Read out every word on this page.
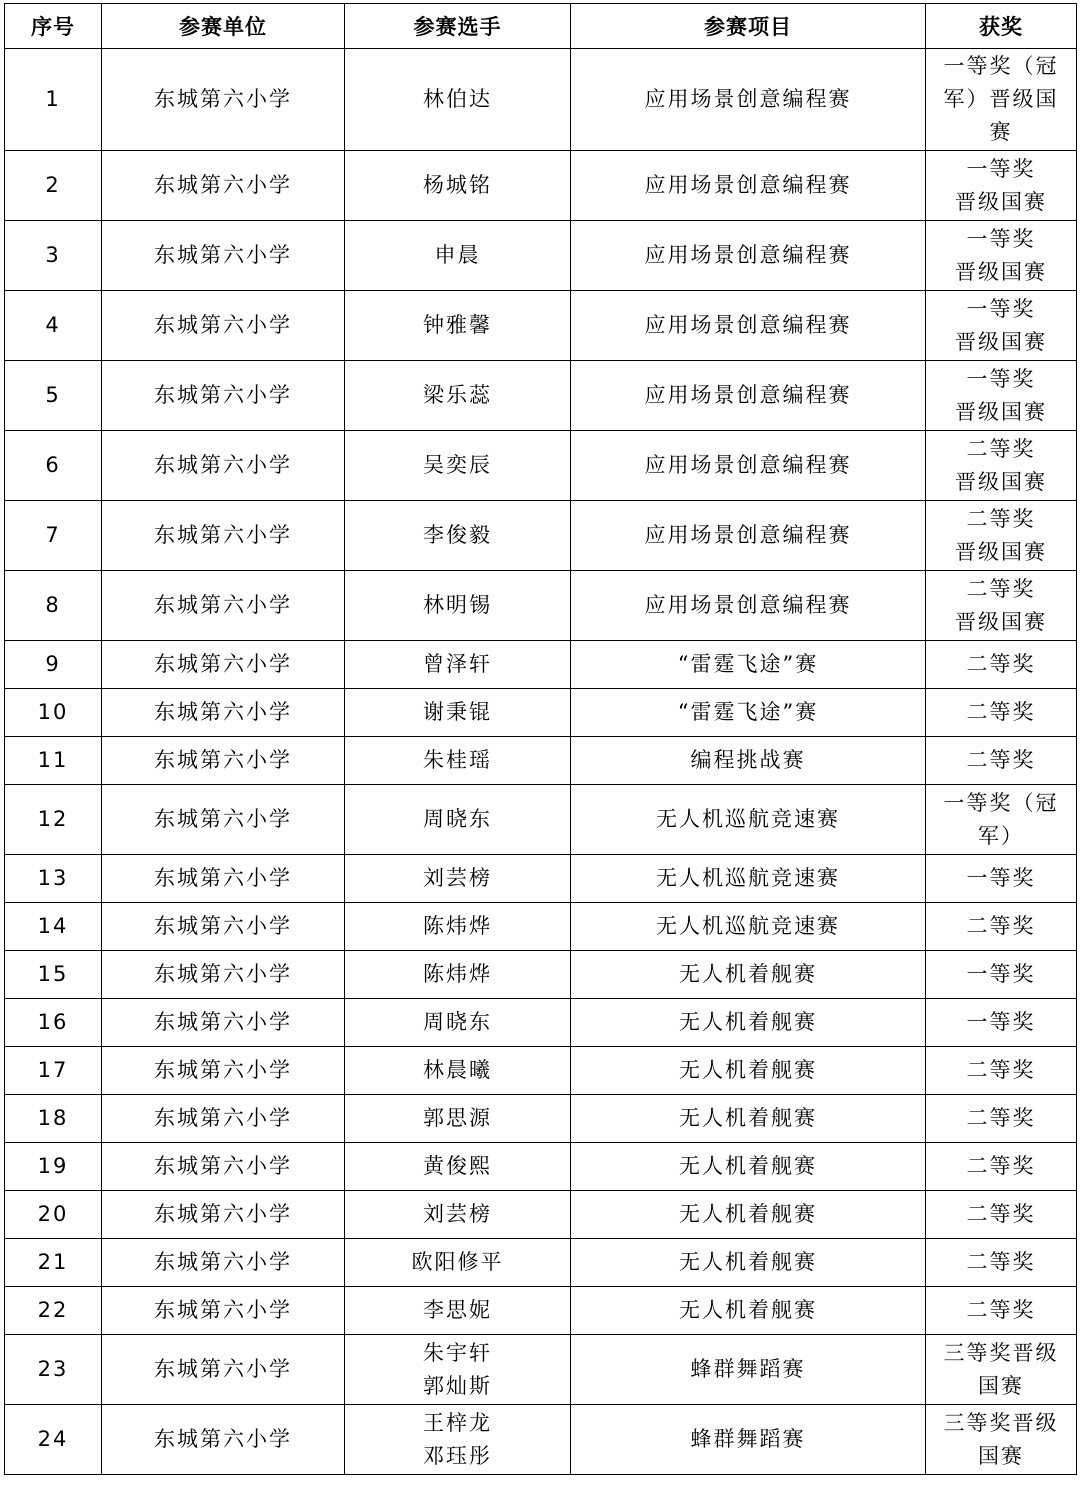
序号	参赛单位	参赛选手	参赛项目	获奖
1	东城第六小学	林伯达	应用场景创意编程赛	一等奖（冠
军）晋级国
赛

2	东城第六小学	杨城铭	应用场景创意编程赛	一等奖
晋级国赛

3	东城第六小学	申晨	应用场景创意编程赛	一等奖
晋级国赛

4	东城第六小学	钟雅馨	应用场景创意编程赛	一等奖
晋级国赛

5	东城第六小学	梁乐蕊	应用场景创意编程赛	一等奖
晋级国赛

6	东城第六小学	吴奕辰	应用场景创意编程赛	二等奖
晋级国赛

7	东城第六小学	李俊毅	应用场景创意编程赛	二等奖
晋级国赛

8	东城第六小学	林明锡	应用场景创意编程赛	二等奖
晋级国赛

9	东城第六小学	曾泽轩	“雷霆飞途”赛	二等奖

10	东城第六小学	谢秉锟	“雷霆飞途”赛	二等奖

11	东城第六小学	朱桂瑶	编程挑战赛	二等奖

12	东城第六小学	周晓东	无人机巡航竞速赛	一等奖（冠
军）

13	东城第六小学	刘芸榜	无人机巡航竞速赛	一等奖

14	东城第六小学	陈炜烨	无人机巡航竞速赛	二等奖

15	东城第六小学	陈炜烨	无人机着舰赛	一等奖

16	东城第六小学	周晓东	无人机着舰赛	一等奖

17	东城第六小学	林晨曦	无人机着舰赛	二等奖

18	东城第六小学	郭思源	无人机着舰赛	二等奖

19	东城第六小学	黄俊熙	无人机着舰赛	二等奖

20	东城第六小学	刘芸榜	无人机着舰赛	二等奖

21	东城第六小学	欧阳修平	无人机着舰赛	二等奖

22	东城第六小学	李思妮	无人机着舰赛	二等奖

23	东城第六小学	朱宇轩
郭灿斯	蜂群舞蹈赛	三等奖晋级
国赛

24	东城第六小学	王梓龙
邓珏彤	蜂群舞蹈赛	三等奖晋级
国赛
